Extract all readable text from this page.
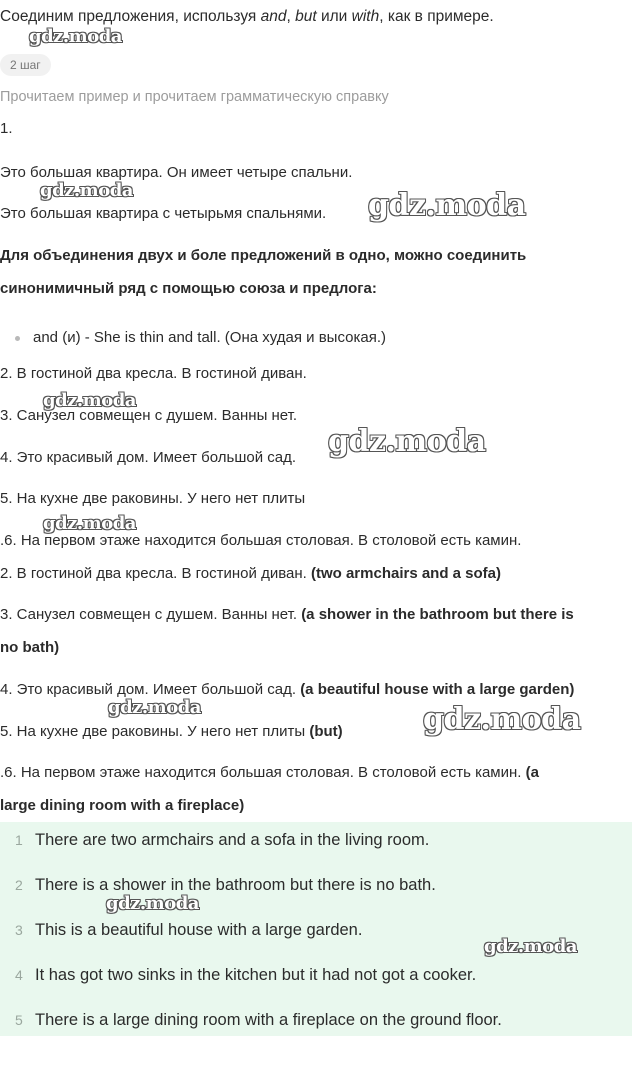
Соединим предложения, используя and, but или with, как в примере.
2 шаг
Прочитаем пример и прочитаем грамматическую справку
1.
Это большая квартира. Он имеет четыре спальни.
Это большая квартира с четырьмя спальнями.
Для объединения двух и боле предложений в одно, можно соединить
синонимичный ряд с помощью союза и предлога:
and (и) - She is thin and tall. (Она худая и высокая.)
2. В гостиной два кресла. В гостиной диван.
3. Санузел совмещен с душем. Ванны нет.
4. Это красивый дом. Имеет большой сад.
5. На кухне две раковины. У него нет плиты
.6. На первом этаже находится большая столовая. В столовой есть камин.
2. В гостиной два кресла. В гостиной диван. (two armchairs and a sofa)
3. Санузел совмещен с душем. Ванны нет. (a shower in the bathroom but there is
no bath)
4. Это красивый дом. Имеет большой сад. (a beautiful house with a large garden)
5. На кухне две раковины. У него нет плиты (but)
.6. На первом этаже находится большая столовая. В столовой есть камин. (a
large dining room with a fireplace)
1 There are two armchairs and a sofa in the living room.
2 There is a shower in the bathroom but there is no bath.
3 This is a beautiful house with a large garden.
4 It has got two sinks in the kitchen but it had not got a cooker.
5 There is a large dining room with a fireplace on the ground floor.
gdz.moda
gdz.moda	gdz.moda
gdz.moda
gdz.moda
gdz.moda
gdz.moda	gdz.moda
gdz.moda
gdz.moda
